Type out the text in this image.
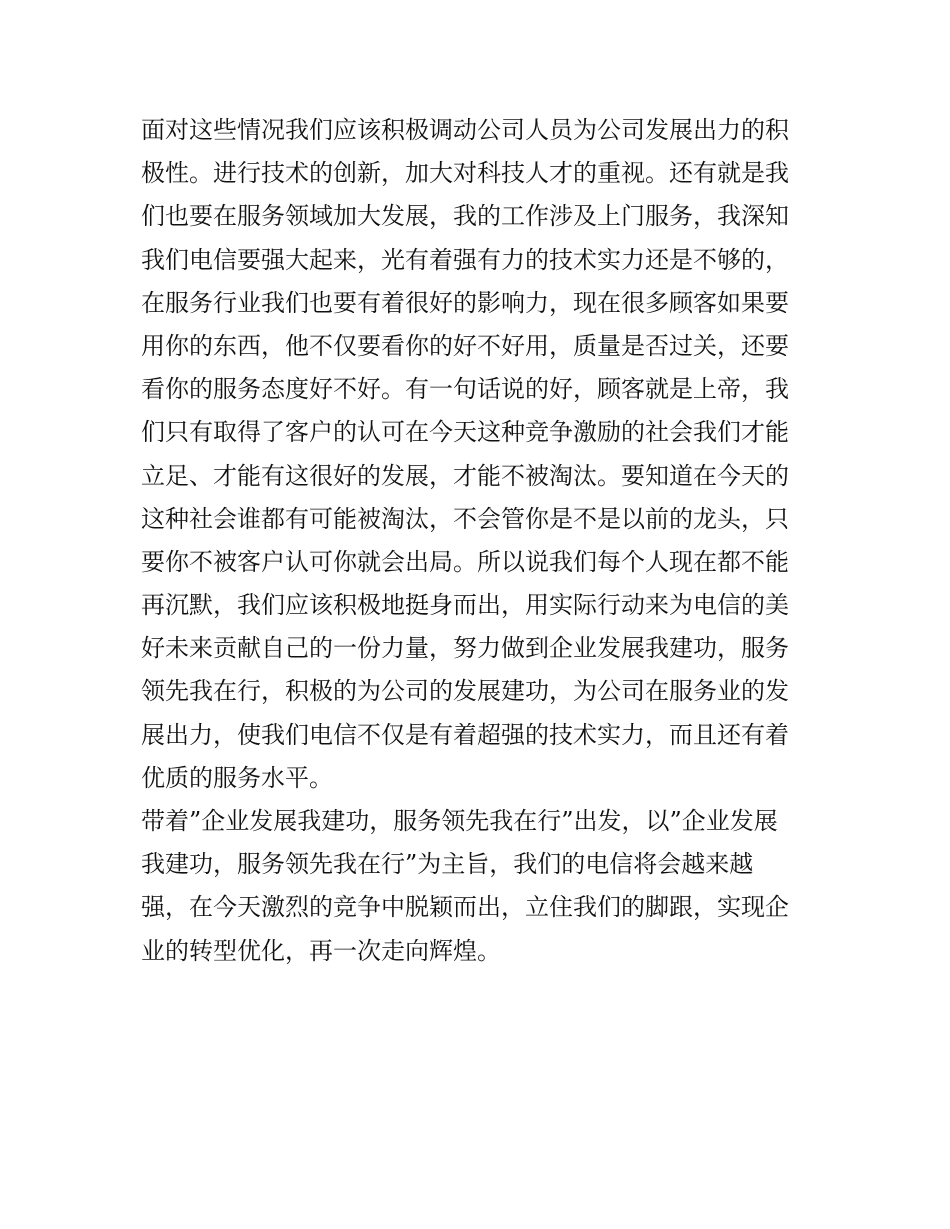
面对这些情况我们应该积极调动公司人员为公司发展出力的积

极性。进行技术的创新，加大对科技人才的重视。还有就是我

们也要在服务领域加大发展，我的工作涉及上门服务，我深知

我们电信要强大起来，光有着强有力的技术实力还是不够的，

在服务行业我们也要有着很好的影响力，现在很多顾客如果要

用你的东西，他不仅要看你的好不好用，质量是否过关，还要

看你的服务态度好不好。有一句话说的好，顾客就是上帝，我

们只有取得了客户的认可在今天这种竞争激励的社会我们才能

立足、才能有这很好的发展，才能不被淘汰。要知道在今天的

这种社会谁都有可能被淘汰，不会管你是不是以前的龙头，只

要你不被客户认可你就会出局。所以说我们每个人现在都不能

再沉默，我们应该积极地挺身而出，用实际行动来为电信的美

好未来贡献自己的一份力量，努力做到企业发展我建功，服务

领先我在行，积极的为公司的发展建功，为公司在服务业的发

展出力，使我们电信不仅是有着超强的技术实力，而且还有着

优质的服务水平。

带着”企业发展我建功，服务领先我在行”出发，以”企业发展

我建功，服务领先我在行”为主旨，我们的电信将会越来越

强，在今天激烈的竞争中脱颖而出，立住我们的脚跟，实现企

业的转型优化，再一次走向辉煌。
